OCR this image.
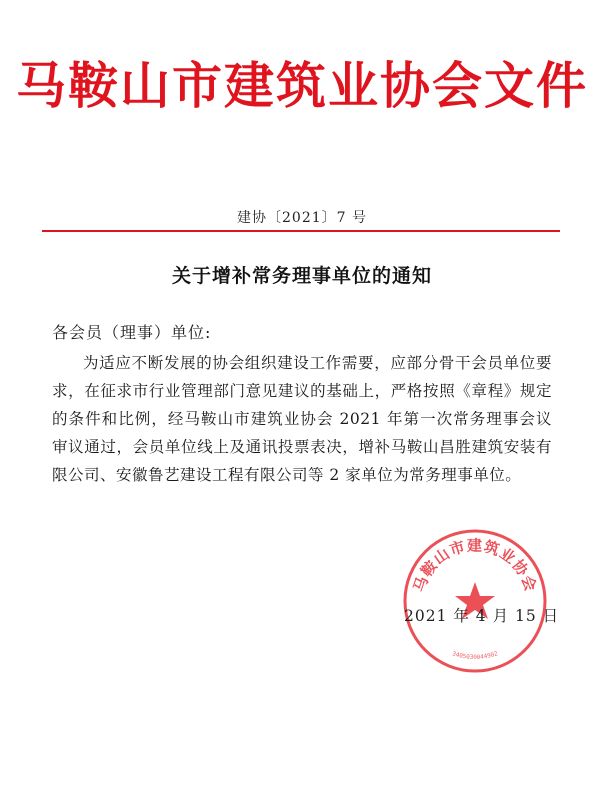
马鞍山市建筑业协会文件
建协〔2021〕7 号
关于增补常务理事单位的通知
各会员（理事）单位:
为适应不断发展的协会组织建设工作需要，应部分骨干会员单位要求，在征求市行业管理部门意见建议的基础上，严格按照《章程》规定的条件和比例，经马鞍山市建筑业协会 2021 年第一次常务理事会议审议通过，会员单位线上及通讯投票表决，增补马鞍山昌胜建筑安装有限公司、安徽鲁艺建设工程有限公司等 2 家单位为常务理事单位。
马鞍山市建筑业协会
3405030044902
2021 年 4 月 15 日
